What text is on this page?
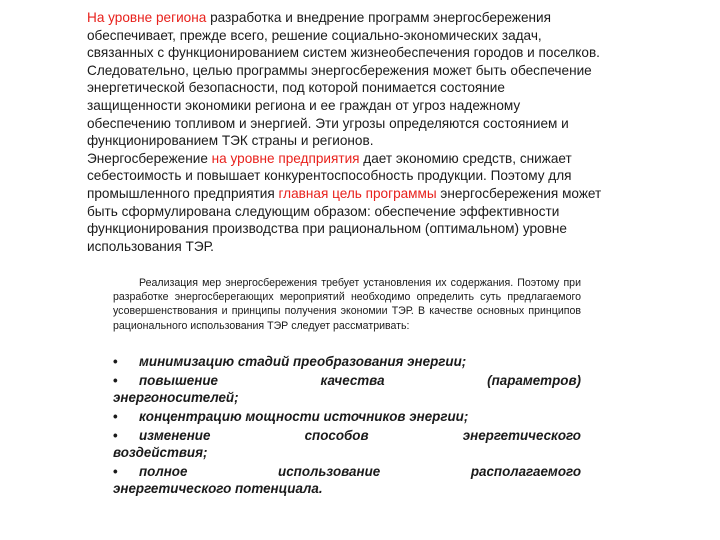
На уровне региона разработка и внедрение программ энергосбережения обеспечивает, прежде всего, решение социально-экономических задач, связанных с функционированием систем жизнеобеспечения городов и поселков. Следовательно, целью программы энергосбережения может быть обеспечение энергетической безопасности, под которой понимается состояние защищенности экономики региона и ее граждан от угроз надежному обеспечению топливом и энергией. Эти угрозы определяются состоянием и функционированием ТЭК страны и регионов.
Энергосбережение на уровне предприятия дает экономию средств, снижает себестоимость и повышает конкурентоспособность продукции. Поэтому для промышленного предприятия главная цель программы энергосбережения может быть сформулирована следующим образом: обеспечение эффективности функционирования производства при рациональном (оптимальном) уровне использования ТЭР.
Реализация мер энергосбережения требует установления их содержания. Поэтому при разработке энергосберегающих мероприятий необходимо определить суть предлагаемого усовершенствования и принципы получения экономии ТЭР. В качестве основных принципов рационального использования ТЭР следует рассматривать:
• минимизацию стадий преобразования энергии;
• повышение качества (параметров)
энергоносителей;
• концентрацию мощности источников энергии;
• изменение способов энергетического
воздействия;
• полное использование располагаемого
энергетического потенциала.
